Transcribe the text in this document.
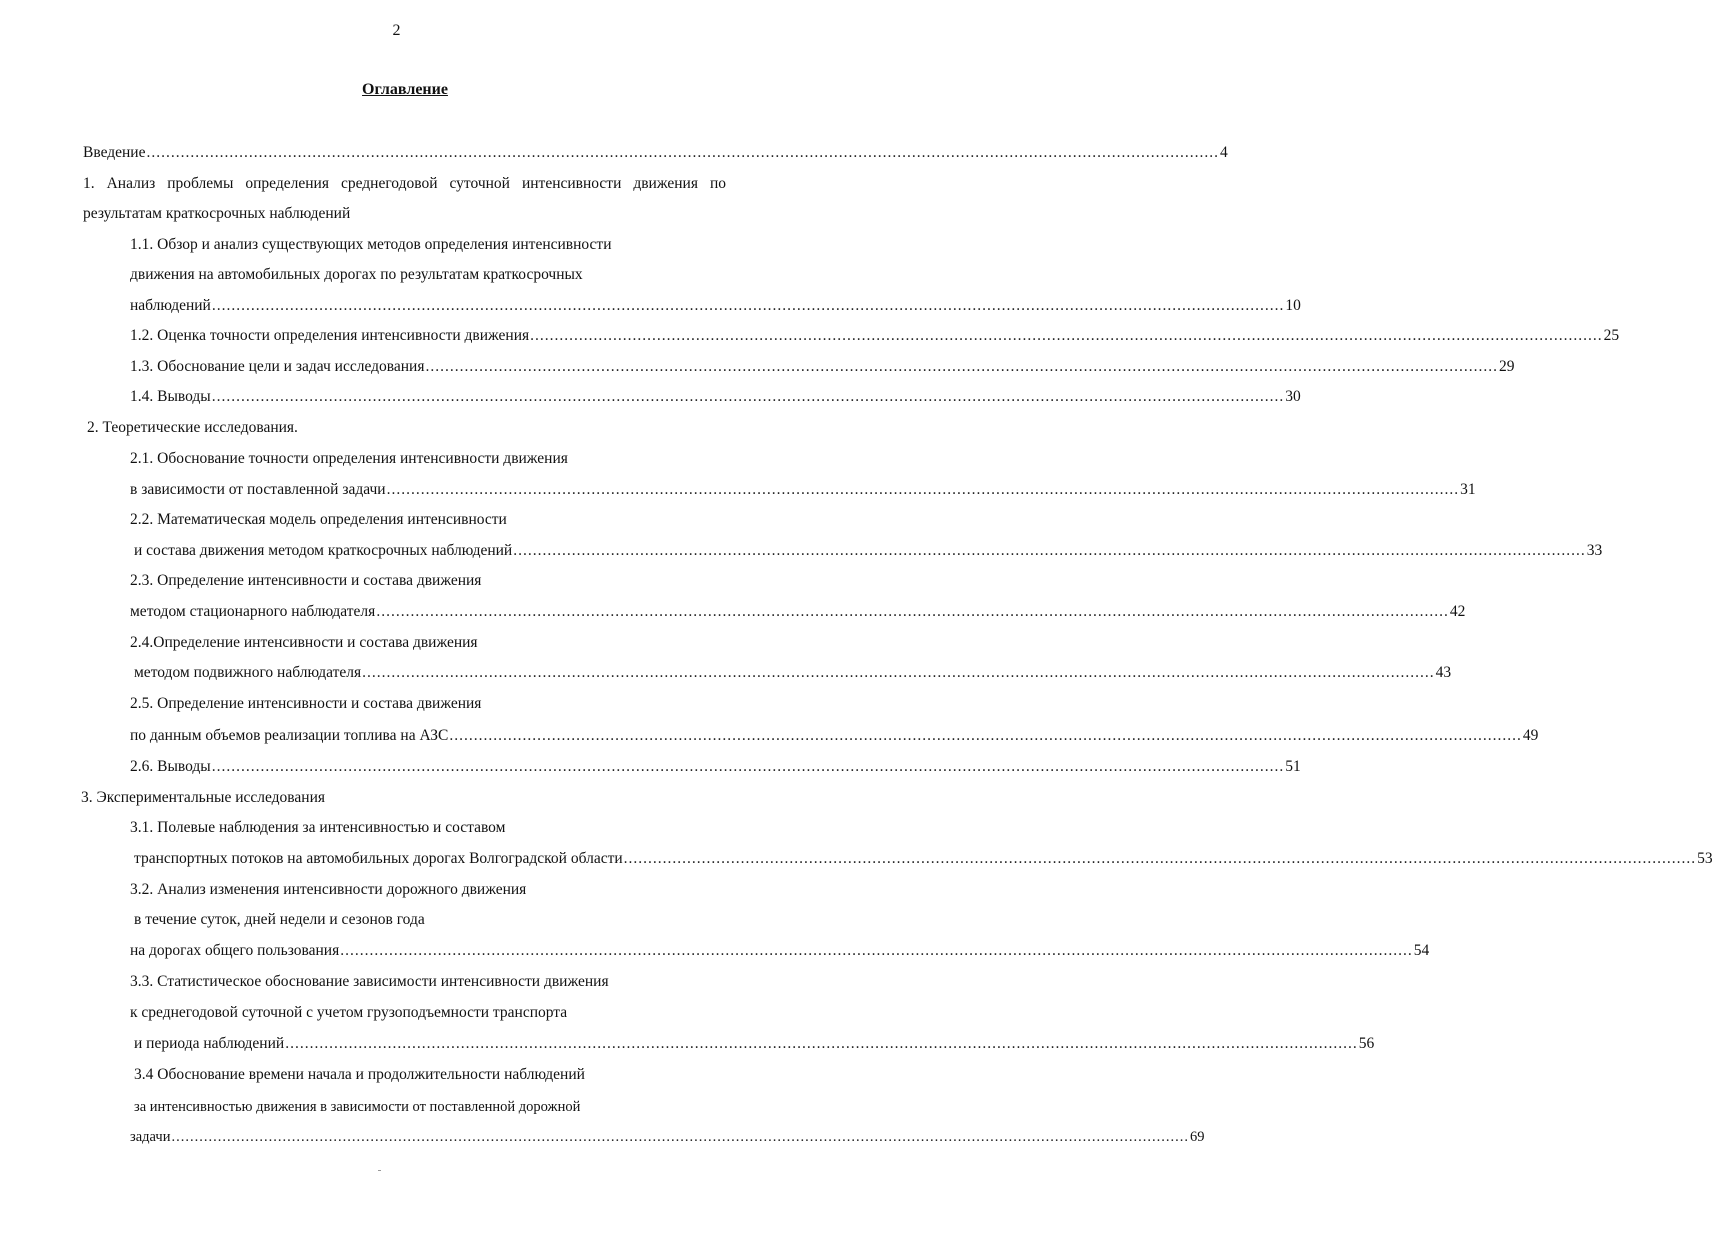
2
Оглавление
Введение ............................................................................................................................................................................................................................ 4
1. Анализ проблемы определения среднегодовой суточной интенсивности движения по
результатам краткосрочных наблюдений
1.1. Обзор и анализ существующих методов определения интенсивности
движения на автомобильных дорогах по результатам краткосрочных
наблюдений ............................................................................................................................................................................................................................ 10
1.2. Оценка точности определения интенсивности движения ............................................................................................................................................................................................................................ 25
1.3. Обоснование цели и задач исследования ............................................................................................................................................................................................................................ 29
1.4. Выводы ............................................................................................................................................................................................................................ 30
2. Теоретические исследования.
2.1. Обоснование точности определения интенсивности движения
в зависимости от поставленной задачи ............................................................................................................................................................................................................................ 31
2.2. Математическая модель определения интенсивности
и состава движения методом краткосрочных наблюдений ............................................................................................................................................................................................................................ 33
2.3. Определение интенсивности и состава движения
методом стационарного наблюдателя ............................................................................................................................................................................................................................ 42
2.4.Определение интенсивности и состава движения
методом подвижного наблюдателя ............................................................................................................................................................................................................................ 43
2.5. Определение интенсивности и состава движения
по данным объемов реализации топлива на АЗС ............................................................................................................................................................................................................................ 49
2.6. Выводы ............................................................................................................................................................................................................................ 51
3. Экспериментальные исследования
3.1. Полевые наблюдения за интенсивностью и составом
транспортных потоков на автомобильных дорогах Волгоградской области ............................................................................................................................................................................................................................ 53
3.2. Анализ изменения интенсивности дорожного движения
в течение суток, дней недели и сезонов года
на дорогах общего пользования ............................................................................................................................................................................................................................ 54
3.3. Статистическое обоснование зависимости интенсивности движения
к среднегодовой суточной с учетом грузоподъемности транспорта
и периода наблюдений ............................................................................................................................................................................................................................ 56
3.4 Обоснование времени начала и продолжительности наблюдений
за интенсивностью движения в зависимости от поставленной дорожной
задачи ............................................................................................................................................................................................................................ 69
